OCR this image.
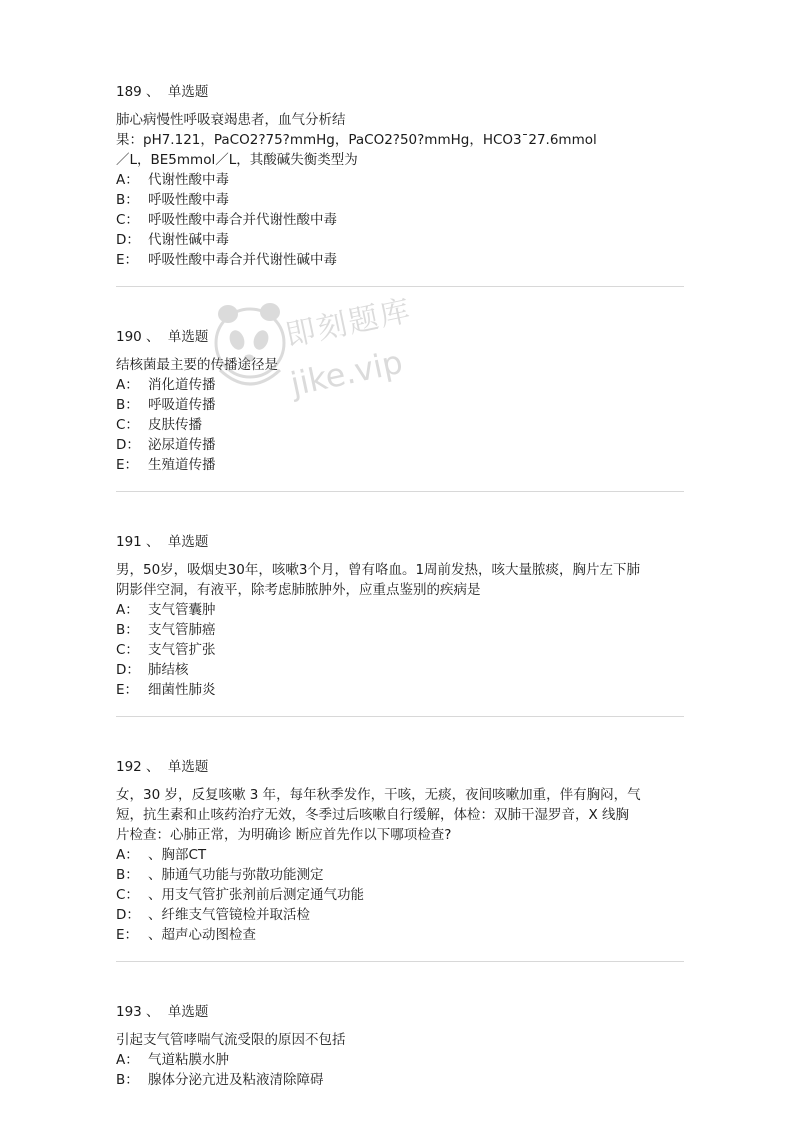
189 、 单选题
肺心病慢性呼吸衰竭患者，血气分析结
果：pH7.121，PaCO2?75?mmHg，PaCO2?50?mmHg，HCO3ˉ27.6mmol
／L，BE5mmol／L，其酸碱失衡类型为
A： 代谢性酸中毒
B： 呼吸性酸中毒
C： 呼吸性酸中毒合并代谢性酸中毒
D： 代谢性碱中毒
E： 呼吸性酸中毒合并代谢性碱中毒
190 、 单选题
结核菌最主要的传播途径是
A： 消化道传播
B： 呼吸道传播
C： 皮肤传播
D： 泌尿道传播
E： 生殖道传播
191 、 单选题
男，50岁，吸烟史30年，咳嗽3个月，曾有咯血。1周前发热，咳大量脓痰，胸片左下肺
阴影伴空洞，有液平，除考虑肺脓肿外，应重点鉴别的疾病是
A： 支气管囊肿
B： 支气管肺癌
C： 支气管扩张
D： 肺结核
E： 细菌性肺炎
192 、 单选题
女，30 岁，反复咳嗽 3 年，每年秋季发作，干咳，无痰，夜间咳嗽加重，伴有胸闷，气
短，抗生素和止咳药治疗无效，冬季过后咳嗽自行缓解，体检：双肺干湿罗音，X 线胸
片检查：心肺正常，为明确诊 断应首先作以下哪项检查?
A： 、胸部CT
B： 、肺通气功能与弥散功能测定
C： 、用支气管扩张剂前后测定通气功能
D： 、纤维支气管镜检并取活检
E： 、超声心动图检查
193 、 单选题
引起支气管哮喘气流受限的原因不包括
A： 气道粘膜水肿
B： 腺体分泌亢进及粘液清除障碍
即刻题库
jike.vip
